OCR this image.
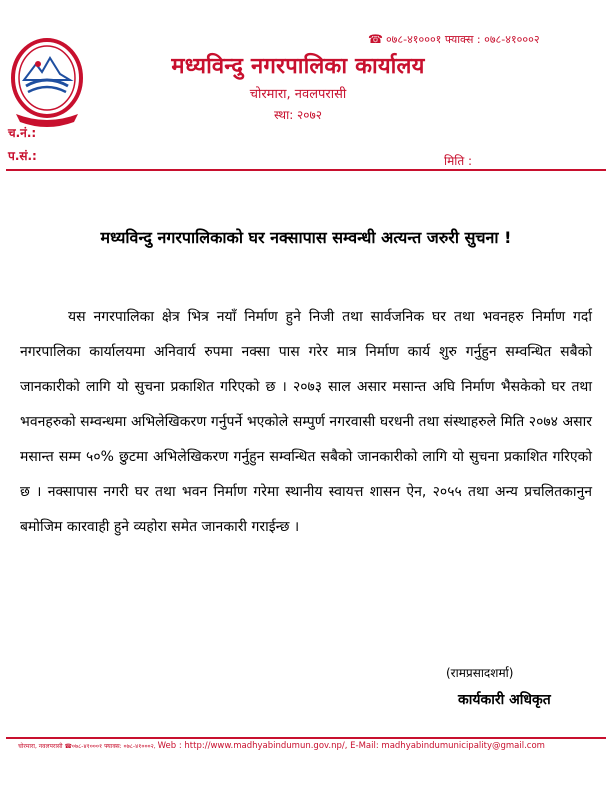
☎ ०७८-४१०००१ फ्याक्स : ०७८-४१०००२
मध्यविन्दु नगरपालिका कार्यालय
चोरमारा, नवलपरासी
स्था: २०७२
च.नं.:
प.सं.:	मिति :
मध्यविन्दु नगरपालिकाको घर नक्सापास सम्वन्धी अत्यन्त जरुरी सुचना !
यस नगरपालिका क्षेत्र भित्र नयाँ निर्माण हुने निजी तथा सार्वजनिक घर तथा भवनहरु निर्माण गर्दा नगरपालिका कार्यालयमा अनिवार्य रुपमा नक्सा पास गरेर मात्र निर्माण कार्य शुरु गर्नुहुन सम्वन्धित सबैको जानकारीको लागि यो सुचना प्रकाशित गरिएको छ । २०७३ साल असार मसान्त अघि निर्माण भैसकेको घर तथा भवनहरुको सम्वन्धमा अभिलेखिकरण गर्नुपर्ने भएकोले सम्पुर्ण नगरवासी घरधनी तथा संस्थाहरुले मिति २०७४ असार मसान्त सम्म ५०% छुटमा अभिलेखिकरण गर्नुहुन सम्वन्धित सबैको जानकारीको लागि यो सुचना प्रकाशित गरिएको छ । नक्सापास नगरी घर तथा भवन निर्माण गरेमा स्थानीय स्वायत्त शासन ऐन, २०५५ तथा अन्य प्रचलितकानुन बमोजिम कारवाही हुने व्यहोरा समेत जानकारी गराईन्छ ।
(रामप्रसादशर्मा)
कार्यकारी अधिकृत
चोरमारा, नवलपरासी ☎०७८-४१०००१ फ्याक्स: ०७८-४१०००२, Web : http://www.madhyabindumun.gov.np/, E-Mail: madhyabindumunicipality@gmail.com
